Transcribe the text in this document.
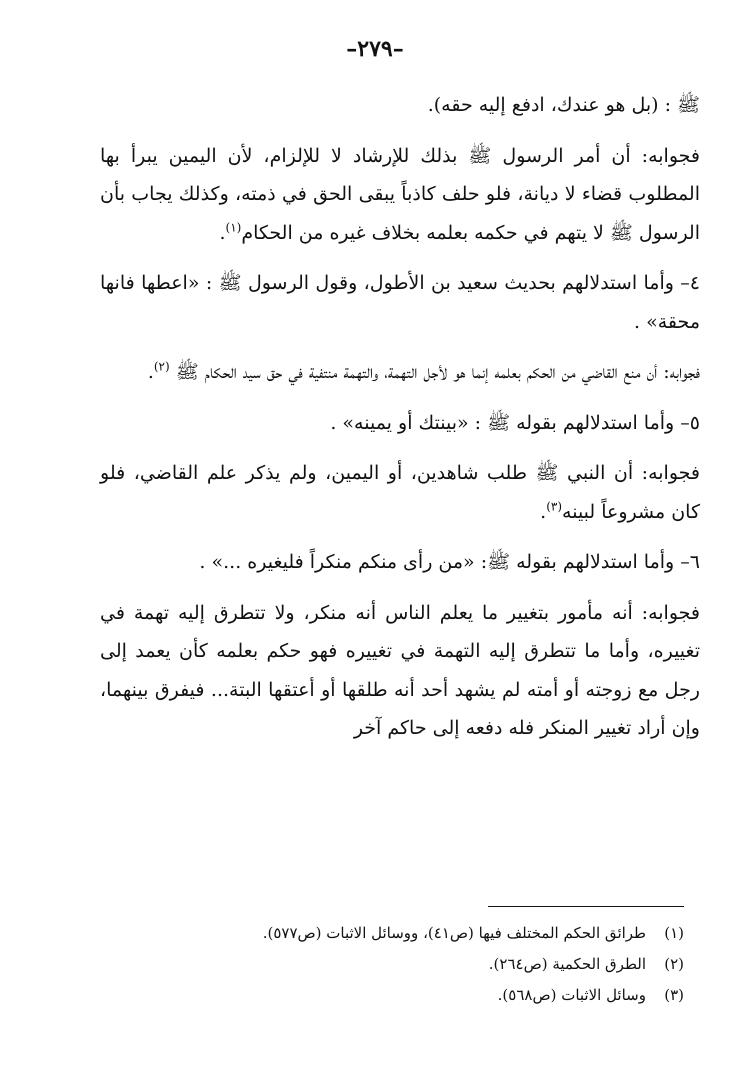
–٢٧٩–

ﷺ : (بل هو عندك، ادفع إليه حقه).

فجوابه: أن أمر الرسول ﷺ بذلك للإرشاد لا للإلزام، لأن اليمين يبرأ بها المطلوب قضاء لا ديانة، فلو حلف كاذباً يبقى الحق في ذمته، وكذلك يجاب بأن الرسول ﷺ لا يتهم في حكمه بعلمه بخلاف غيره من الحكام$^{(١)}$.

٤– وأما استدلالهم بحديث سعيد بن الأطول، وقول الرسول ﷺ : «اعطها فانها محقة» .

فجوابه: أن منع القاضي من الحكم بعلمه إنما هو لأجل التهمة، والتهمة منتفية في حق سيد الحكام ﷺ $^{(٢)}$.

٥– وأما استدلالهم بقوله ﷺ : «بينتك أو يمينه» .

فجوابه: أن النبي ﷺ طلب شاهدين، أو اليمين، ولم يذكر علم القاضي، فلو كان مشروعاً لبينه$^{(٣)}$.

٦– وأما استدلالهم بقوله ﷺ: «من رأى منكم منكراً فليغيره ...» .

فجوابه: أنه مأمور بتغيير ما يعلم الناس أنه منكر، ولا تتطرق إليه تهمة في تغييره، وأما ما تتطرق إليه التهمة في تغييره فهو حكم بعلمه كأن يعمد إلى رجل مع زوجته أو أمته لم يشهد أحد أنه طلقها أو أعتقها البتة... فيفرق بينهما، وإن أراد تغيير المنكر فله دفعه إلى حاكم آخر

(١)
طرائق الحكم المختلف فيها (ص٤١)، ووسائل الاثبات (ص٥٧٧).
(٢)
الطرق الحكمية (ص٢٦٤).
(٣)
وسائل الاثبات (ص٥٦٨).
